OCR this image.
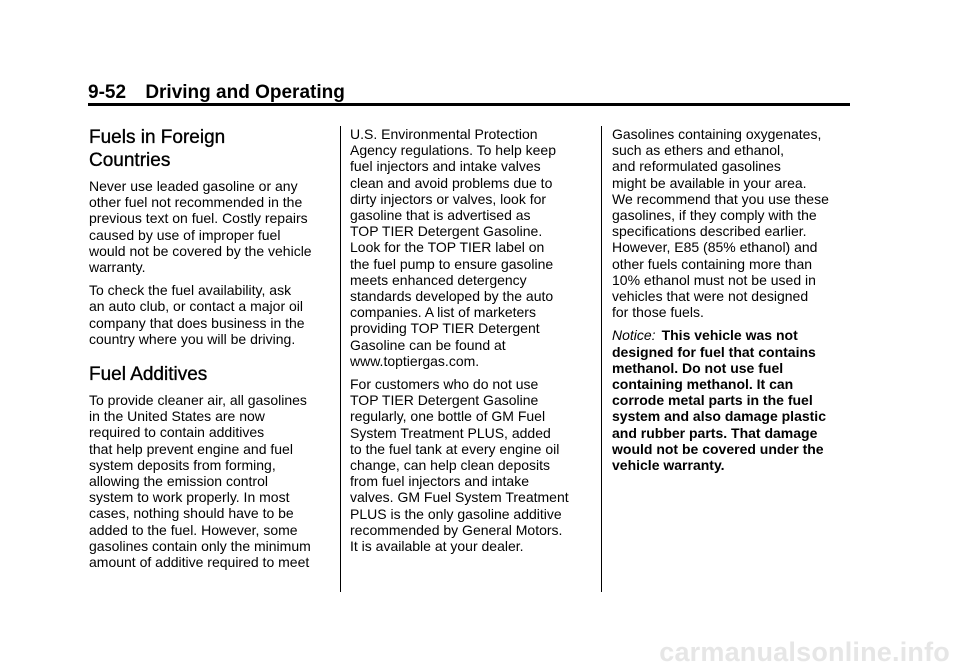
9-52 Driving and Operating
Fuels in Foreign
Countries

Never use leaded gasoline or any
other fuel not recommended in the
previous text on fuel. Costly repairs
caused by use of improper fuel
would not be covered by the vehicle
warranty.

To check the fuel availability, ask
an auto club, or contact a major oil
company that does business in the
country where you will be driving.

Fuel Additives

To provide cleaner air, all gasolines
in the United States are now
required to contain additives
that help prevent engine and fuel
system deposits from forming,
allowing the emission control
system to work properly. In most
cases, nothing should have to be
added to the fuel. However, some
gasolines contain only the minimum
amount of additive required to meet

U.S. Environmental Protection
Agency regulations. To help keep
fuel injectors and intake valves
clean and avoid problems due to
dirty injectors or valves, look for
gasoline that is advertised as
TOP TIER Detergent Gasoline.
Look for the TOP TIER label on
the fuel pump to ensure gasoline
meets enhanced detergency
standards developed by the auto
companies. A list of marketers
providing TOP TIER Detergent
Gasoline can be found at
www.toptiergas.com.

For customers who do not use
TOP TIER Detergent Gasoline
regularly, one bottle of GM Fuel
System Treatment PLUS, added
to the fuel tank at every engine oil
change, can help clean deposits
from fuel injectors and intake
valves. GM Fuel System Treatment
PLUS is the only gasoline additive
recommended by General Motors.
It is available at your dealer.

Gasolines containing oxygenates,
such as ethers and ethanol,
and reformulated gasolines
might be available in your area.
We recommend that you use these
gasolines, if they comply with the
specifications described earlier.
However, E85 (85% ethanol) and
other fuels containing more than
10% ethanol must not be used in
vehicles that were not designed
for those fuels.

Notice: This vehicle was not
designed for fuel that contains
methanol. Do not use fuel
containing methanol. It can
corrode metal parts in the fuel
system and also damage plastic
and rubber parts. That damage
would not be covered under the
vehicle warranty.

carmanualsonline.info
